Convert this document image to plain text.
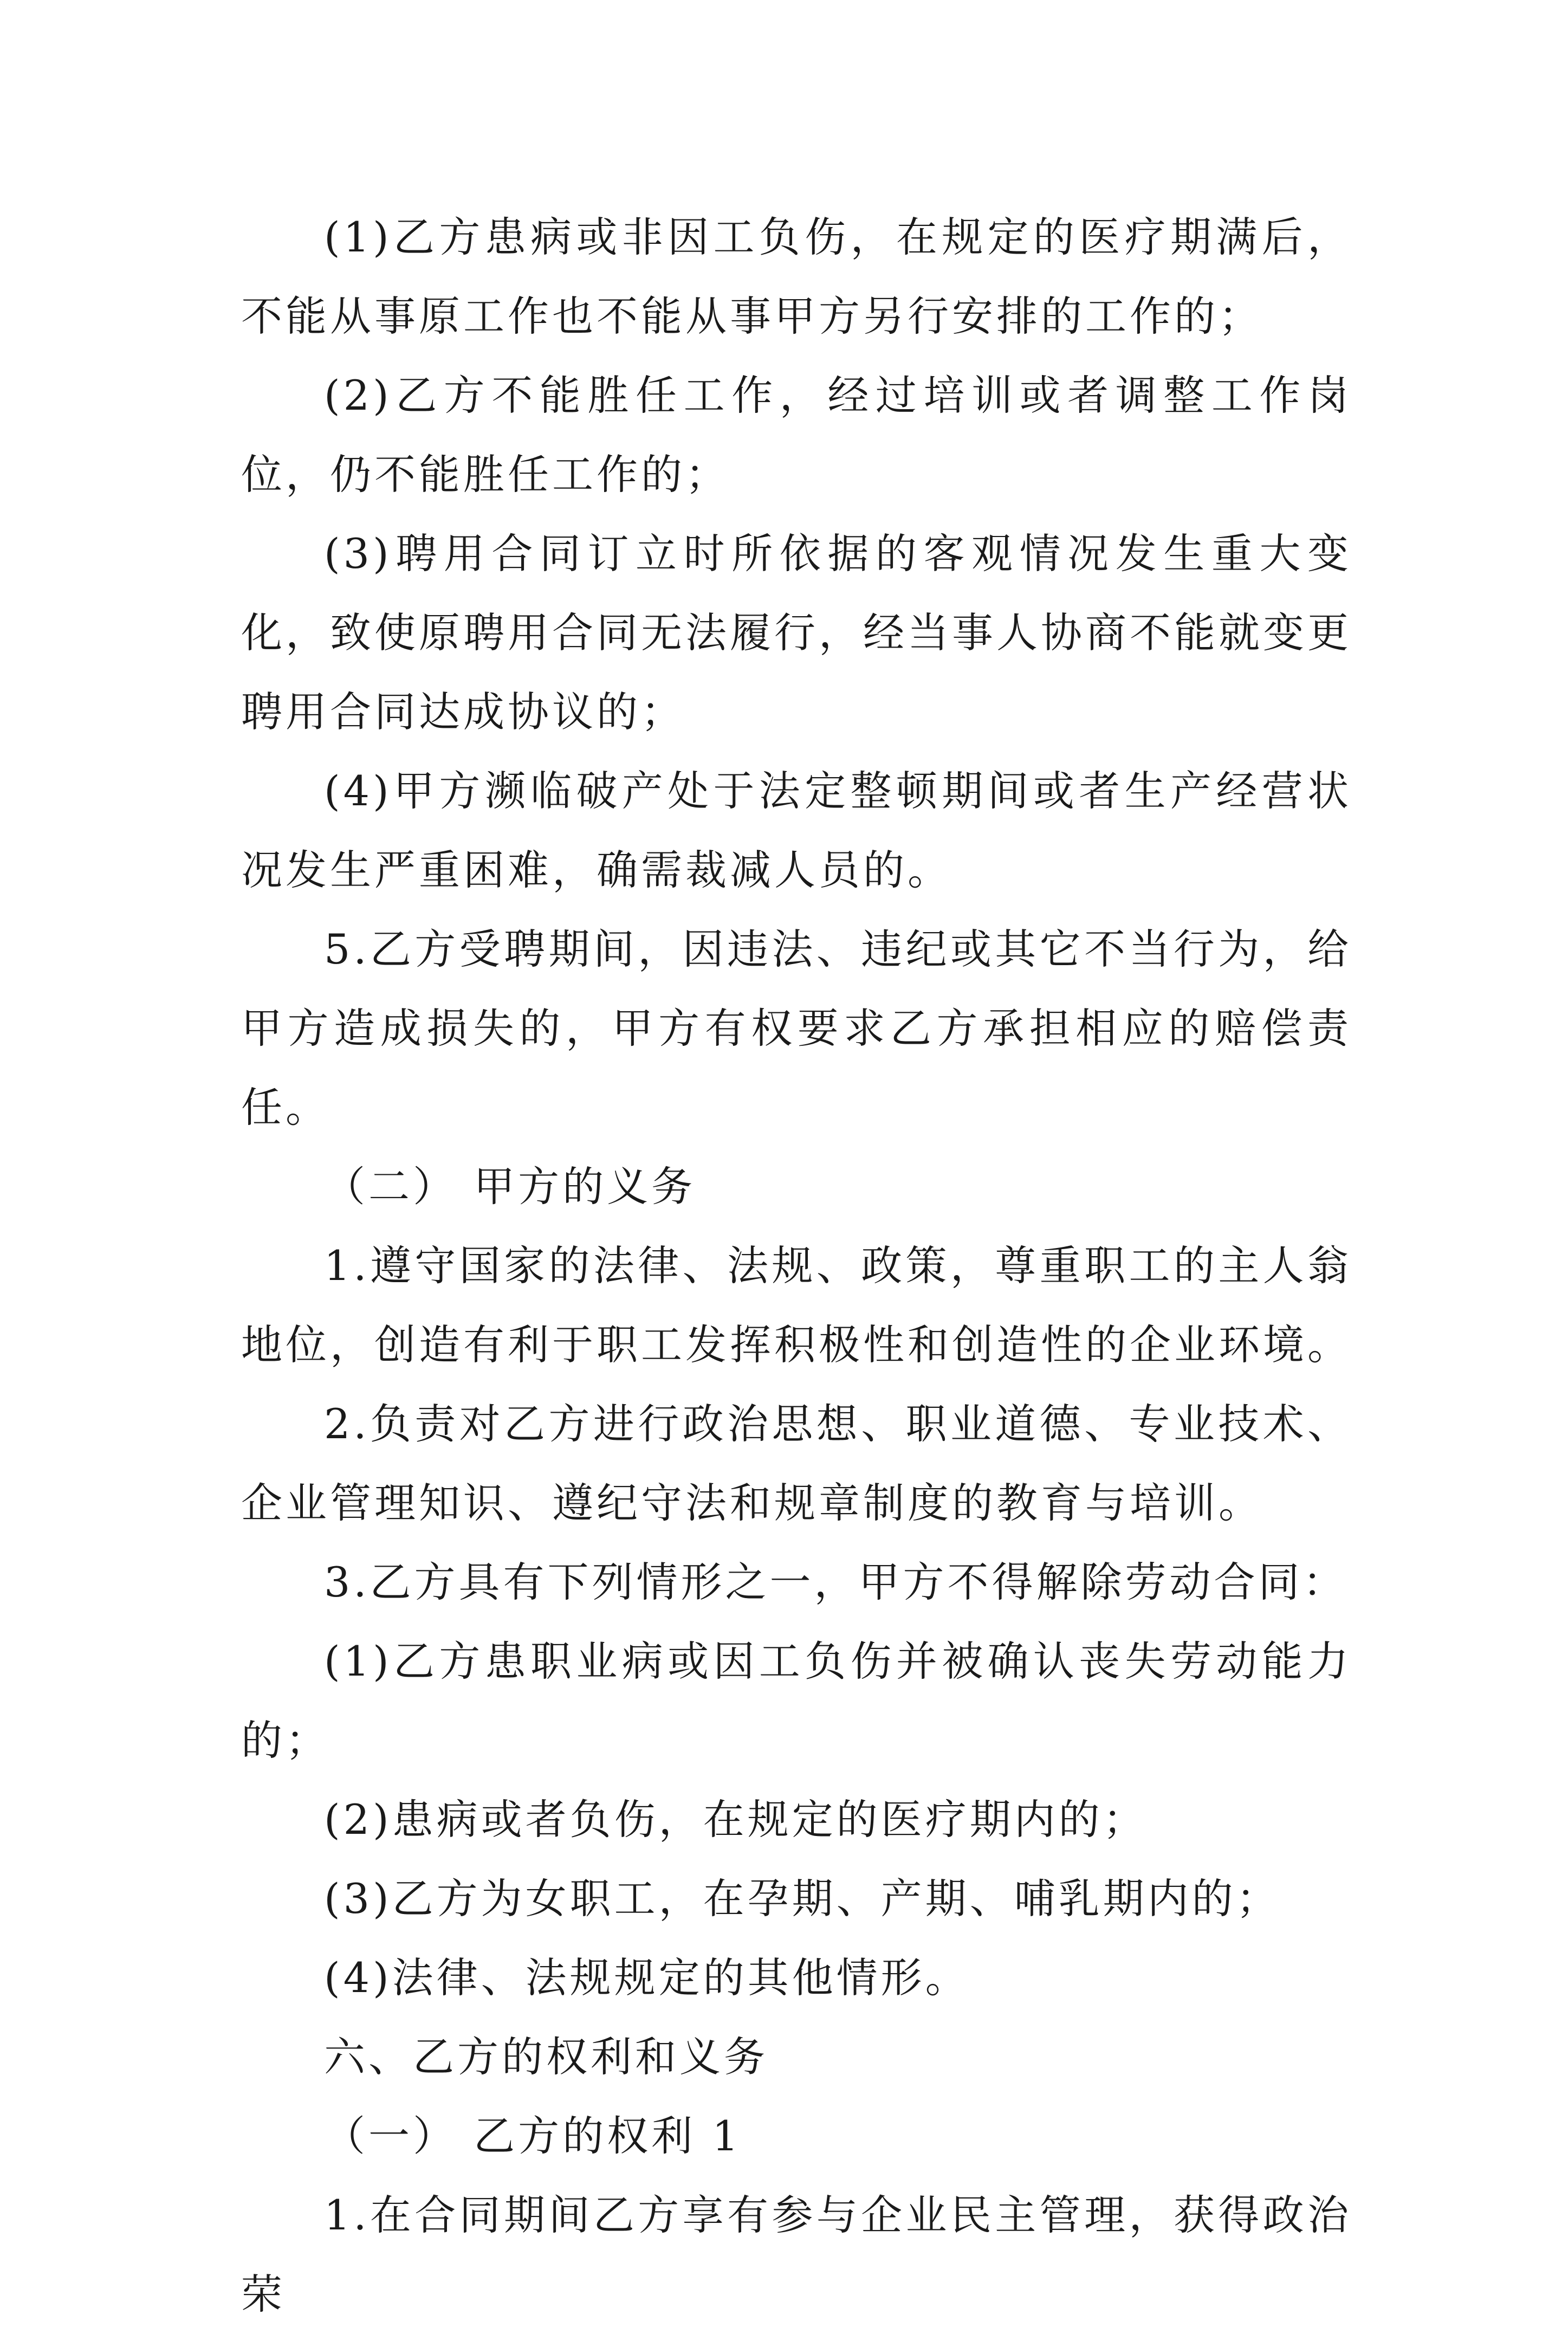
(1)乙方患病或非因工负伤，在规定的医疗期满后，不能从事原工作也不能从事甲方另行安排的工作的；

(2)乙方不能胜任工作，经过培训或者调整工作岗位，仍不能胜任工作的；

(3)聘用合同订立时所依据的客观情况发生重大变化，致使原聘用合同无法履行，经当事人协商不能就变更聘用合同达成协议的；

(4)甲方濒临破产处于法定整顿期间或者生产经营状况发生严重困难，确需裁减人员的。

5.乙方受聘期间，因违法、违纪或其它不当行为，给甲方造成损失的，甲方有权要求乙方承担相应的赔偿责任。

（二） 甲方的义务

1.遵守国家的法律、法规、政策，尊重职工的主人翁地位，创造有利于职工发挥积极性和创造性的企业环境。

2.负责对乙方进行政治思想、职业道德、专业技术、企业管理知识、遵纪守法和规章制度的教育与培训。

3.乙方具有下列情形之一，甲方不得解除劳动合同：

(1)乙方患职业病或因工负伤并被确认丧失劳动能力的；

(2)患病或者负伤，在规定的医疗期内的；

(3)乙方为女职工，在孕期、产期、哺乳期内的；

(4)法律、法规规定的其他情形。

六、乙方的权利和义务

（一） 乙方的权利 1

1.在合同期间乙方享有参与企业民主管理，获得政治荣
